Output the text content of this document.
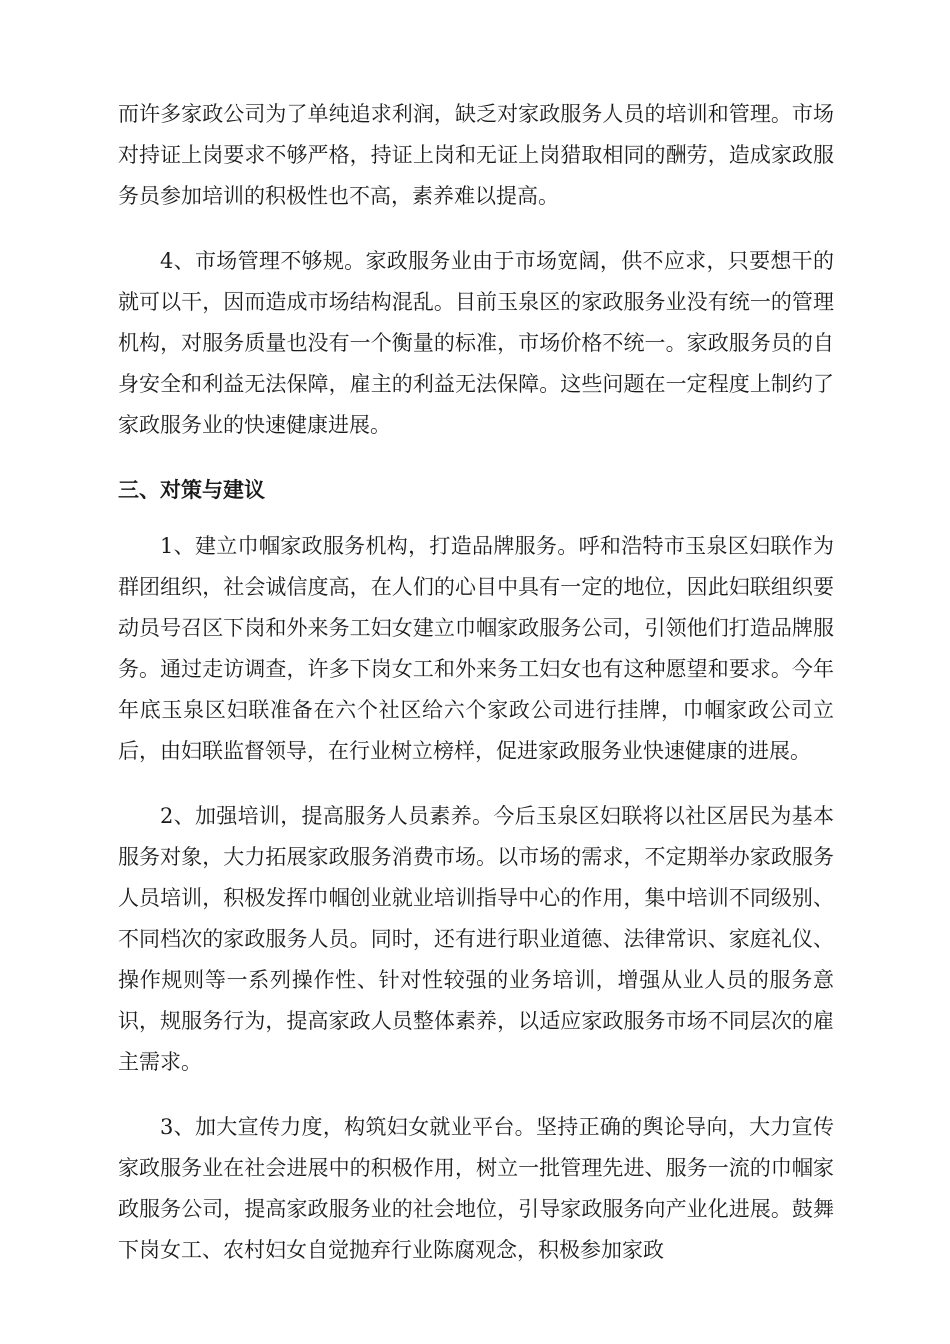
而许多家政公司为了单纯追求利润，缺乏对家政服务人员的培训和管理。市场对持证上岗要求不够严格，持证上岗和无证上岗猎取相同的酬劳，造成家政服务员参加培训的积极性也不高，素养难以提高。

4、市场管理不够规。家政服务业由于市场宽阔，供不应求，只要想干的就可以干，因而造成市场结构混乱。目前玉泉区的家政服务业没有统一的管理机构，对服务质量也没有一个衡量的标准，市场价格不统一。家政服务员的自身安全和利益无法保障，雇主的利益无法保障。这些问题在一定程度上制约了家政服务业的快速健康进展。

三、对策与建议

1、建立巾帼家政服务机构，打造品牌服务。呼和浩特市玉泉区妇联作为群团组织，社会诚信度高，在人们的心目中具有一定的地位，因此妇联组织要动员号召区下岗和外来务工妇女建立巾帼家政服务公司，引领他们打造品牌服务。通过走访调查，许多下岗女工和外来务工妇女也有这种愿望和要求。今年年底玉泉区妇联准备在六个社区给六个家政公司进行挂牌，巾帼家政公司立后，由妇联监督领导，在行业树立榜样，促进家政服务业快速健康的进展。

2、加强培训，提高服务人员素养。今后玉泉区妇联将以社区居民为基本服务对象，大力拓展家政服务消费市场。以市场的需求，不定期举办家政服务人员培训，积极发挥巾帼创业就业培训指导中心的作用，集中培训不同级别、不同档次的家政服务人员。同时，还有进行职业道德、法律常识、家庭礼仪、操作规则等一系列操作性、针对性较强的业务培训，增强从业人员的服务意识，规服务行为，提高家政人员整体素养，以适应家政服务市场不同层次的雇主需求。

3、加大宣传力度，构筑妇女就业平台。坚持正确的舆论导向，大力宣传家政服务业在社会进展中的积极作用，树立一批管理先进、服务一流的巾帼家政服务公司，提高家政服务业的社会地位，引导家政服务向产业化进展。鼓舞下岗女工、农村妇女自觉抛弃行业陈腐观念，积极参加家政
